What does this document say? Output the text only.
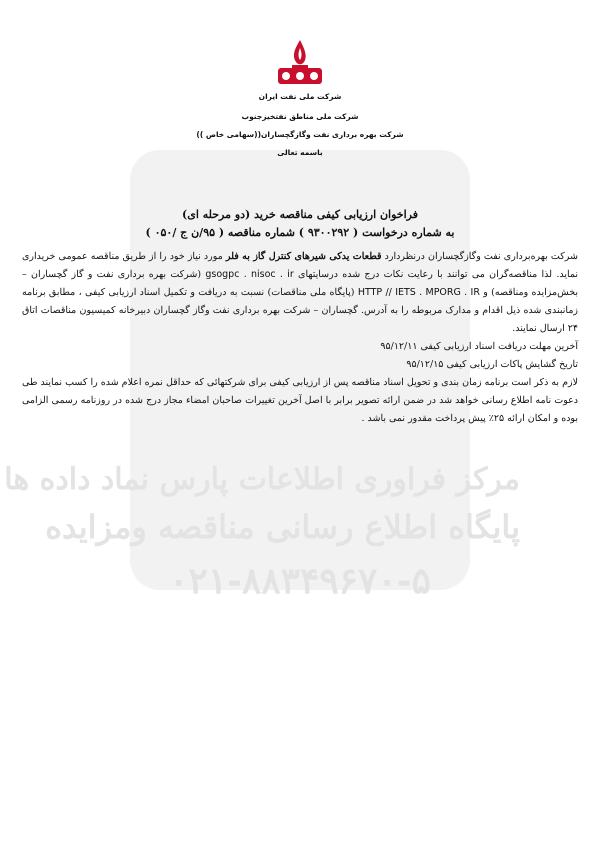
مرکز فراوری اطلاعات پارس نماد داده ها
پایگاه اطلاع رسانی مناقصه ومزایده
۰۲۱-۸۸۳۴۹۶۷۰-۵
شرکت ملی نفت ایران
شرکت ملی مناطق نفتخیزجنوب
شرکت بهره برداری نفت وگازگچساران((سهامی خاص ))
باسمه تعالی
فراخوان ارزیابی کیفی مناقصه خرید (دو مرحله ای)
به شماره درخواست ( ۹۳۰۰۲۹۲ ) شماره مناقصه ( ۹۵/ن ج /۰۵۰ )

شرکت بهره‌برداری نفت وگازگچساران درنظردارد قطعات یدکی شیرهای کنترل گاز به فلر مورد نیاز خود را از طریق مناقصه عمومی خریداری نماید. لذا مناقصه‌گران می توانند با رعایت نکات درج شده درسایتهای gsogpc . nisoc . ir (شرکت بهره برداری نفت و گاز گچساران – بخش‌مزایده ومناقصه) و HTTP // IETS . MPORG . IR (پایگاه ملی مناقصات) نسبت به دریافت و تکمیل اسناد ارزیابی کیفی ، مطابق برنامه زمانبندی شده ذیل اقدام و مدارک مربوطه را به آدرس. گچساران – شرکت بهره برداری نفت وگاز گچساران دبیرخانه کمیسیون مناقصات اتاق ۲۴ ارسال نمایند.

آخرین مهلت دریافت اسناد ارزیابی کیفی ۹۵/۱۲/۱۱

تاریخ گشایش پاکات ارزیابی کیفی ۹۵/۱۲/۱۵

لازم به ذکر است برنامه زمان بندی و تحویل اسناد مناقصه پس از ارزیابی کیفی برای شرکتهائی که حداقل نمره اعلام شده را کسب نمایند طی دعوت نامه اطلاع رسانی خواهد شد در ضمن ارائه تصویر برابر با اصل آخرین تغییرات صاحبان امضاء مجاز درج شده در روزنامه رسمی الزامی بوده و امکان ارائه ۲۵٪ پیش پرداخت مقدور نمی باشد .
